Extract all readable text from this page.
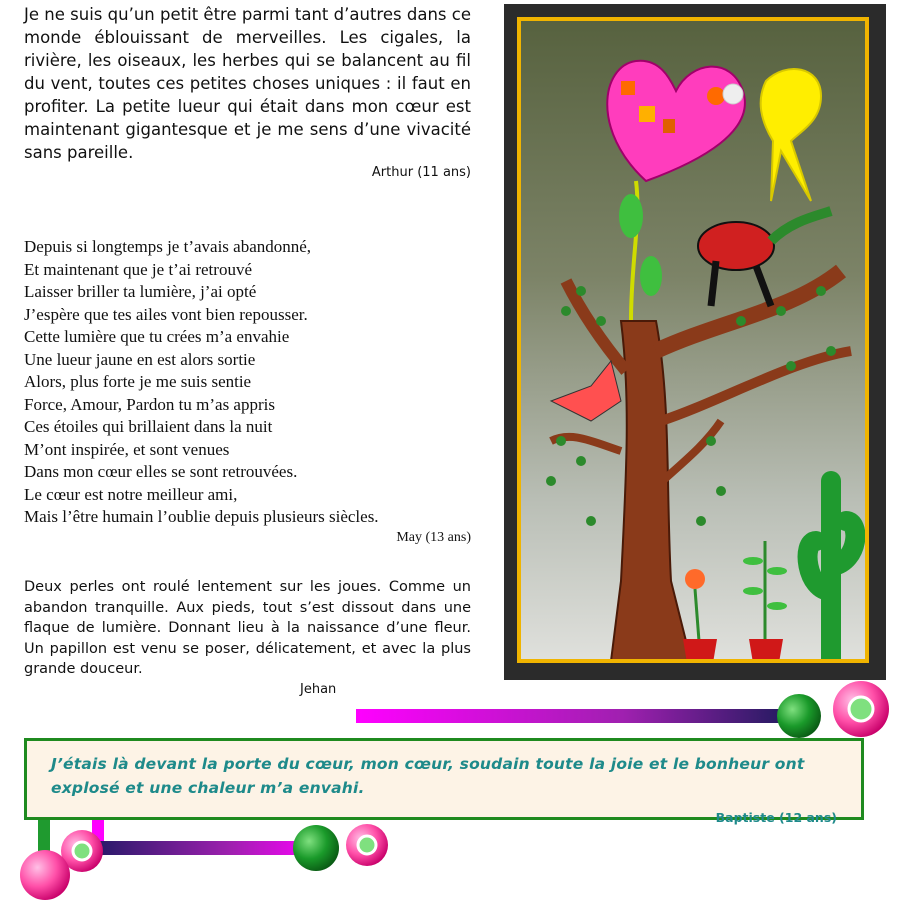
Je ne suis qu’un petit être parmi tant d’autres dans ce monde éblouissant de merveilles. Les cigales, la rivière, les oiseaux, les herbes qui se balancent au fil du vent, toutes ces petites choses uniques : il faut en profiter. La petite lueur qui était dans mon cœur est maintenant gigantesque et je me sens d’une vivacité sans pareille.
Arthur (11 ans)
Depuis si longtemps je t’avais abandonné,
Et maintenant que je t’ai retrouvé
Laisser briller ta lumière, j’ai opté
J’espère que tes ailes vont bien repousser.
Cette lumière que tu crées m’a envahie
Une lueur jaune en est alors sortie
Alors, plus forte je me suis sentie
Force, Amour, Pardon tu m’as appris
Ces étoiles qui brillaient dans la nuit
M’ont inspirée, et sont venues
Dans mon cœur elles se sont retrouvées.
Le cœur est notre meilleur ami,
Mais l’être humain l’oublie depuis plusieurs siècles.
May (13 ans)
Deux perles ont roulé lentement sur les joues. Comme un abandon tranquille. Aux pieds, tout s’est dissout dans une flaque de lumière. Donnant lieu à la naissance d’une fleur. Un papillon est venu se poser, délicatement, et avec la plus grande douceur.
Jehan
J’étais là devant la porte du cœur, mon cœur, soudain toute la joie et le bonheur ont explosé et une chaleur m’a envahi.
Baptiste (12 ans)
